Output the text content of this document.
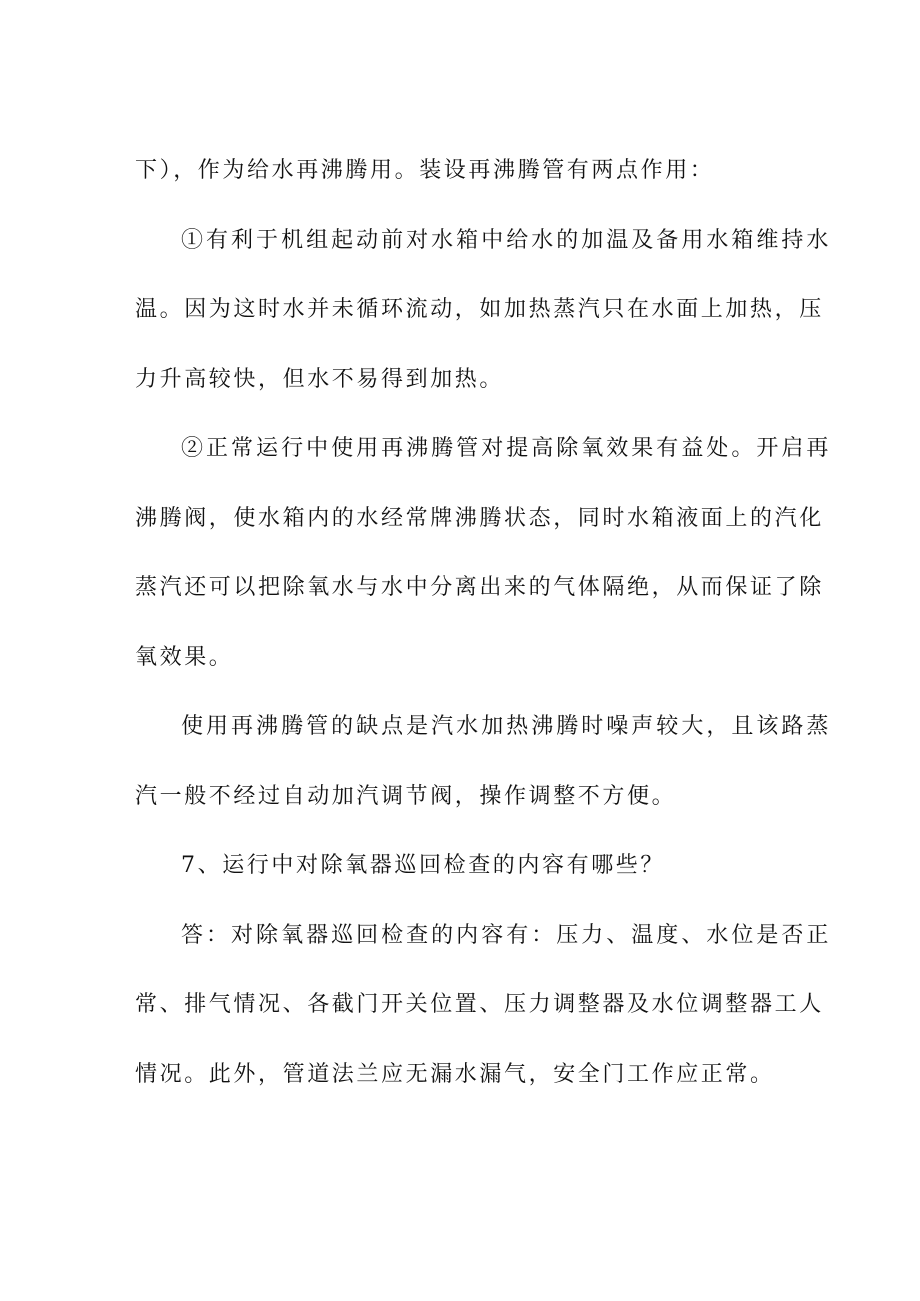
下），作为给水再沸腾用。装设再沸腾管有两点作用：
①有利于机组起动前对水箱中给水的加温及备用水箱维持水
温。因为这时水并未循环流动，如加热蒸汽只在水面上加热，压
力升高较快，但水不易得到加热。
②正常运行中使用再沸腾管对提高除氧效果有益处。开启再
沸腾阀，使水箱内的水经常牌沸腾状态，同时水箱液面上的汽化
蒸汽还可以把除氧水与水中分离出来的气体隔绝，从而保证了除
氧效果。
使用再沸腾管的缺点是汽水加热沸腾时噪声较大，且该路蒸
汽一般不经过自动加汽调节阀，操作调整不方便。
7、运行中对除氧器巡回检查的内容有哪些？
答：对除氧器巡回检查的内容有：压力、温度、水位是否正
常、排气情况、各截门开关位置、压力调整器及水位调整器工人
情况。此外，管道法兰应无漏水漏气，安全门工作应正常。
